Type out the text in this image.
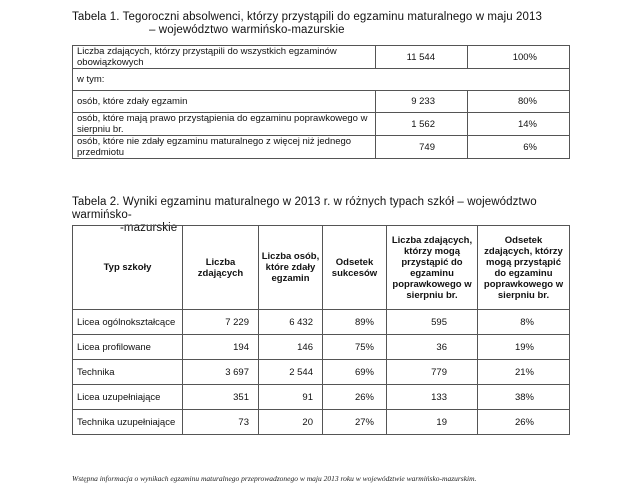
Tabela 1. Tegoroczni absolwenci, którzy przystąpili do egzaminu maturalnego w maju 2013
– województwo warmińsko-mazurskie
Liczba zdających, którzy przystąpili do wszystkich egzaminów obowiązkowych	11 544	100%
w tym:		
osób, które zdały egzamin	9 233	80%
osób, które mają prawo przystąpienia do egzaminu poprawkowego w sierpniu br.	1 562	14%
osób, które nie zdały egzaminu maturalnego z więcej niż jednego przedmiotu	749	6%
Tabela 2. Wyniki egzaminu maturalnego w 2013 r. w różnych typach szkół – województwo warmińsko-
-mazurskie
Typ szkoły	Liczba zdających	Liczba osób, które zdały egzamin	Odsetek sukcesów	Liczba zdających, którzy mogą przystąpić do egzaminu poprawkowego w sierpniu br.	Odsetek zdających, którzy mogą przystąpić do egzaminu poprawkowego w sierpniu br.
Licea ogólnokształcące	7 229	6 432	89%	595	8%
Licea profilowane	194	146	75%	36	19%
Technika	3 697	2 544	69%	779	21%
Licea uzupełniające	351	91	26%	133	38%
Technika uzupełniające	73	20	27%	19	26%
Wstępna informacja o wynikach egzaminu maturalnego przeprowadzonego w maju 2013 roku w województwie warmińsko-mazurskim.
